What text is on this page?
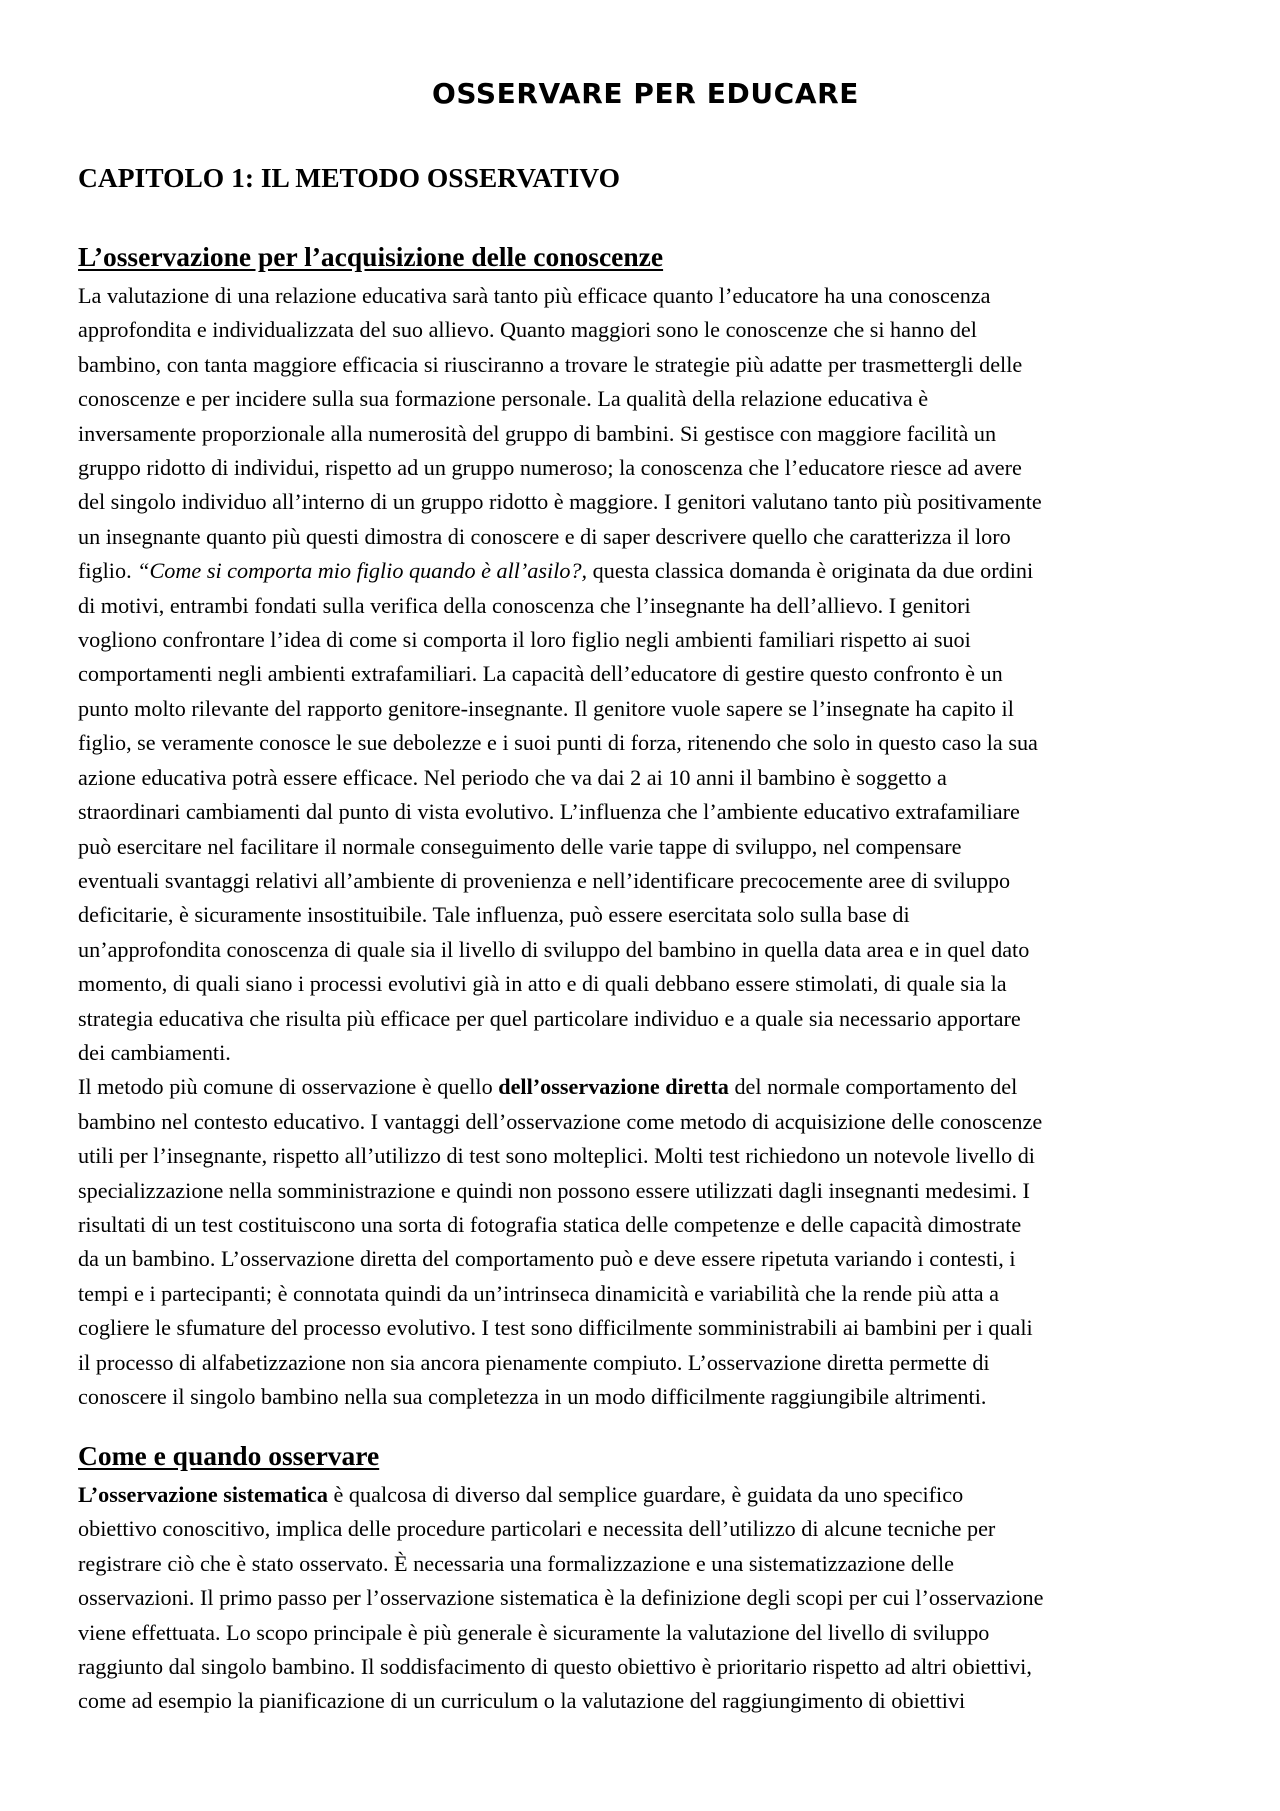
OSSERVARE PER EDUCARE
CAPITOLO 1: IL METODO OSSERVATIVO
L’osservazione per l’acquisizione delle conoscenze
La valutazione di una relazione educativa sarà tanto più efficace quanto l’educatore ha una conoscenza
approfondita e individualizzata del suo allievo. Quanto maggiori sono le conoscenze che si hanno del
bambino, con tanta maggiore efficacia si riusciranno a trovare le strategie più adatte per trasmettergli delle
conoscenze e per incidere sulla sua formazione personale. La qualità della relazione educativa è
inversamente proporzionale alla numerosità del gruppo di bambini. Si gestisce con maggiore facilità un
gruppo ridotto di individui, rispetto ad un gruppo numeroso; la conoscenza che l’educatore riesce ad avere
del singolo individuo all’interno di un gruppo ridotto è maggiore. I genitori valutano tanto più positivamente
un insegnante quanto più questi dimostra di conoscere e di saper descrivere quello che caratterizza il loro
figlio. “Come si comporta mio figlio quando è all’asilo?, questa classica domanda è originata da due ordini
di motivi, entrambi fondati sulla verifica della conoscenza che l’insegnante ha dell’allievo. I genitori
vogliono confrontare l’idea di come si comporta il loro figlio negli ambienti familiari rispetto ai suoi
comportamenti negli ambienti extrafamiliari. La capacità dell’educatore di gestire questo confronto è un
punto molto rilevante del rapporto genitore-insegnante. Il genitore vuole sapere se l’insegnate ha capito il
figlio, se veramente conosce le sue debolezze e i suoi punti di forza, ritenendo che solo in questo caso la sua
azione educativa potrà essere efficace. Nel periodo che va dai 2 ai 10 anni il bambino è soggetto a
straordinari cambiamenti dal punto di vista evolutivo. L’influenza che l’ambiente educativo extrafamiliare
può esercitare nel facilitare il normale conseguimento delle varie tappe di sviluppo, nel compensare
eventuali svantaggi relativi all’ambiente di provenienza e nell’identificare precocemente aree di sviluppo
deficitarie, è sicuramente insostituibile. Tale influenza, può essere esercitata solo sulla base di
un’approfondita conoscenza di quale sia il livello di sviluppo del bambino in quella data area e in quel dato
momento, di quali siano i processi evolutivi già in atto e di quali debbano essere stimolati, di quale sia la
strategia educativa che risulta più efficace per quel particolare individuo e a quale sia necessario apportare
dei cambiamenti.
Il metodo più comune di osservazione è quello dell’osservazione diretta del normale comportamento del
bambino nel contesto educativo. I vantaggi dell’osservazione come metodo di acquisizione delle conoscenze
utili per l’insegnante, rispetto all’utilizzo di test sono molteplici. Molti test richiedono un notevole livello di
specializzazione nella somministrazione e quindi non possono essere utilizzati dagli insegnanti medesimi. I
risultati di un test costituiscono una sorta di fotografia statica delle competenze e delle capacità dimostrate
da un bambino. L’osservazione diretta del comportamento può e deve essere ripetuta variando i contesti, i
tempi e i partecipanti; è connotata quindi da un’intrinseca dinamicità e variabilità che la rende più atta a
cogliere le sfumature del processo evolutivo. I test sono difficilmente somministrabili ai bambini per i quali
il processo di alfabetizzazione non sia ancora pienamente compiuto. L’osservazione diretta permette di
conoscere il singolo bambino nella sua completezza in un modo difficilmente raggiungibile altrimenti.
Come e quando osservare
L’osservazione sistematica è qualcosa di diverso dal semplice guardare, è guidata da uno specifico
obiettivo conoscitivo, implica delle procedure particolari e necessita dell’utilizzo di alcune tecniche per
registrare ciò che è stato osservato. È necessaria una formalizzazione e una sistematizzazione delle
osservazioni. Il primo passo per l’osservazione sistematica è la definizione degli scopi per cui l’osservazione
viene effettuata. Lo scopo principale è più generale è sicuramente la valutazione del livello di sviluppo
raggiunto dal singolo bambino. Il soddisfacimento di questo obiettivo è prioritario rispetto ad altri obiettivi,
come ad esempio la pianificazione di un curriculum o la valutazione del raggiungimento di obiettivi
